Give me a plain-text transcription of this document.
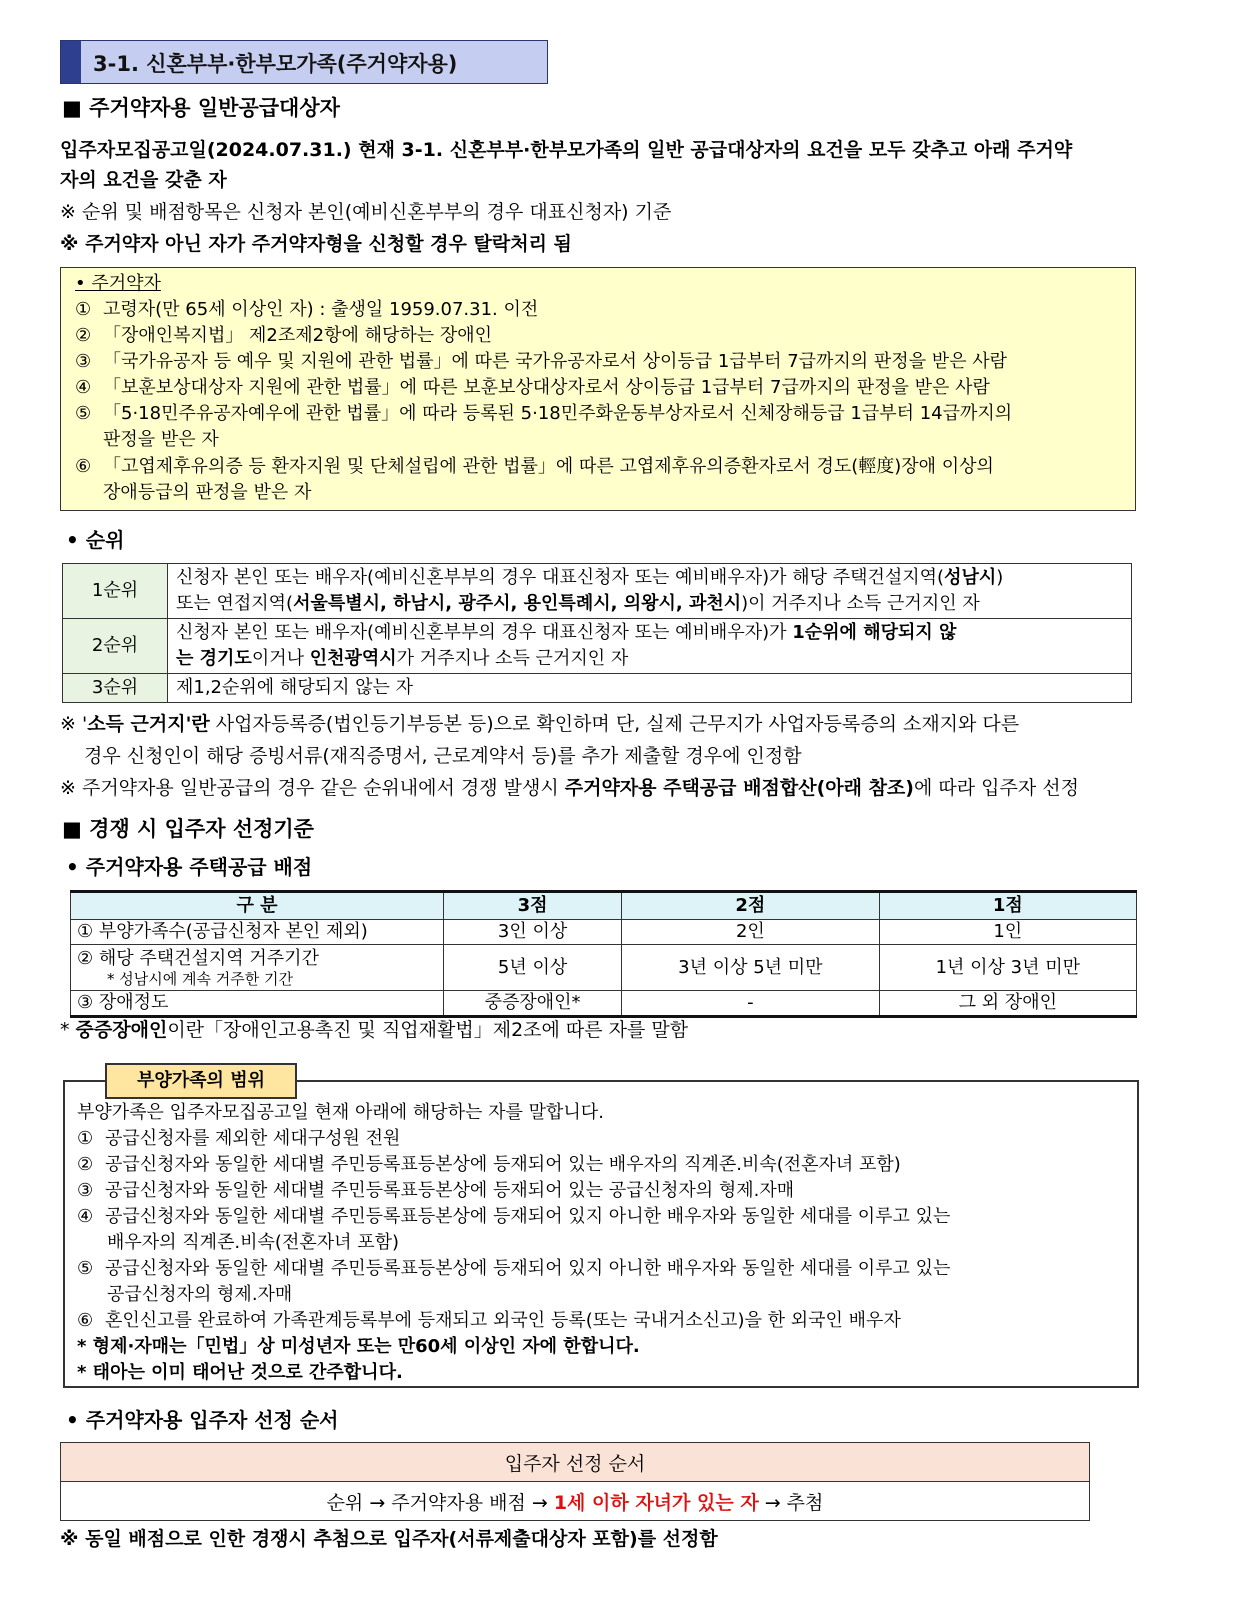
3-1. 신혼부부·한부모가족(주거약자용)
■ 주거약자용 일반공급대상자
입주자모집공고일(2024.07.31.) 현재 3-1. 신혼부부·한부모가족의 일반 공급대상자의 요건을 모두 갖추고 아래 주거약
자의 요건을 갖춘 자
※ 순위 및 배점항목은 신청자 본인(예비신혼부부의 경우 대표신청자) 기준
※ 주거약자 아닌 자가 주거약자형을 신청할 경우 탈락처리 됨
• 주거약자
① 고령자(만 65세 이상인 자) : 출생일 1959.07.31. 이전
② 「장애인복지법」 제2조제2항에 해당하는 장애인
③ 「국가유공자 등 예우 및 지원에 관한 법률」에 따른 국가유공자로서 상이등급 1급부터 7급까지의 판정을 받은 사람
④ 「보훈보상대상자 지원에 관한 법률」에 따른 보훈보상대상자로서 상이등급 1급부터 7급까지의 판정을 받은 사람
⑤ 「5·18민주유공자예우에 관한 법률」에 따라 등록된 5·18민주화운동부상자로서 신체장해등급 1급부터 14급까지의
판정을 받은 자
⑥ 「고엽제후유의증 등 환자지원 및 단체설립에 관한 법률」에 따른 고엽제후유의증환자로서 경도(輕度)장애 이상의
장애등급의 판정을 받은 자
• 순위
1순위	신청자 본인 또는 배우자(예비신혼부부의 경우 대표신청자 또는 예비배우자)가 해당 주택건설지역(성남시)
또는 연접지역(서울특별시, 하남시, 광주시, 용인특례시, 의왕시, 과천시)이 거주지나 소득 근거지인 자

2순위	신청자 본인 또는 배우자(예비신혼부부의 경우 대표신청자 또는 예비배우자)가 1순위에 해당되지 않
는 경기도이거나 인천광역시가 거주지나 소득 근거지인 자

3순위	제1,2순위에 해당되지 않는 자
※ '소득 근거지'란 사업자등록증(법인등기부등본 등)으로 확인하며 단, 실제 근무지가 사업자등록증의 소재지와 다른
경우 신청인이 해당 증빙서류(재직증명서, 근로계약서 등)를 추가 제출할 경우에 인정함
※ 주거약자용 일반공급의 경우 같은 순위내에서 경쟁 발생시 주거약자용 주택공급 배점합산(아래 참조)에 따라 입주자 선정
■ 경쟁 시 입주자 선정기준
• 주거약자용 주택공급 배점
구 분	3점	2점	1점
① 부양가족수(공급신청자 본인 제외)	3인 이상	2인	1인

② 해당 주택건설지역 거주기간
* 성남시에 계속 거주한 기간	5년 이상	3년 이상 5년 미만	1년 이상 3년 미만
③ 장애정도	중증장애인*	-	그 외 장애인
* 중증장애인이란「장애인고용촉진 및 직업재활법」제2조에 따른 자를 말함
부양가족은 입주자모집공고일 현재 아래에 해당하는 자를 말합니다.
① 공급신청자를 제외한 세대구성원 전원
② 공급신청자와 동일한 세대별 주민등록표등본상에 등재되어 있는 배우자의 직계존.비속(전혼자녀 포함)
③ 공급신청자와 동일한 세대별 주민등록표등본상에 등재되어 있는 공급신청자의 형제.자매
④ 공급신청자와 동일한 세대별 주민등록표등본상에 등재되어 있지 아니한 배우자와 동일한 세대를 이루고 있는
배우자의 직계존.비속(전혼자녀 포함)
⑤ 공급신청자와 동일한 세대별 주민등록표등본상에 등재되어 있지 아니한 배우자와 동일한 세대를 이루고 있는
공급신청자의 형제.자매
⑥ 혼인신고를 완료하여 가족관계등록부에 등재되고 외국인 등록(또는 국내거소신고)을 한 외국인 배우자
* 형제·자매는「민법」상 미성년자 또는 만60세 이상인 자에 한합니다.
* 태아는 이미 태어난 것으로 간주합니다.
부양가족의 범위
• 주거약자용 입주자 선정 순서
입주자 선정 순서
순위 → 주거약자용 배점 → 1세 이하 자녀가 있는 자 → 추첨
※ 동일 배점으로 인한 경쟁시 추첨으로 입주자(서류제출대상자 포함)를 선정함
